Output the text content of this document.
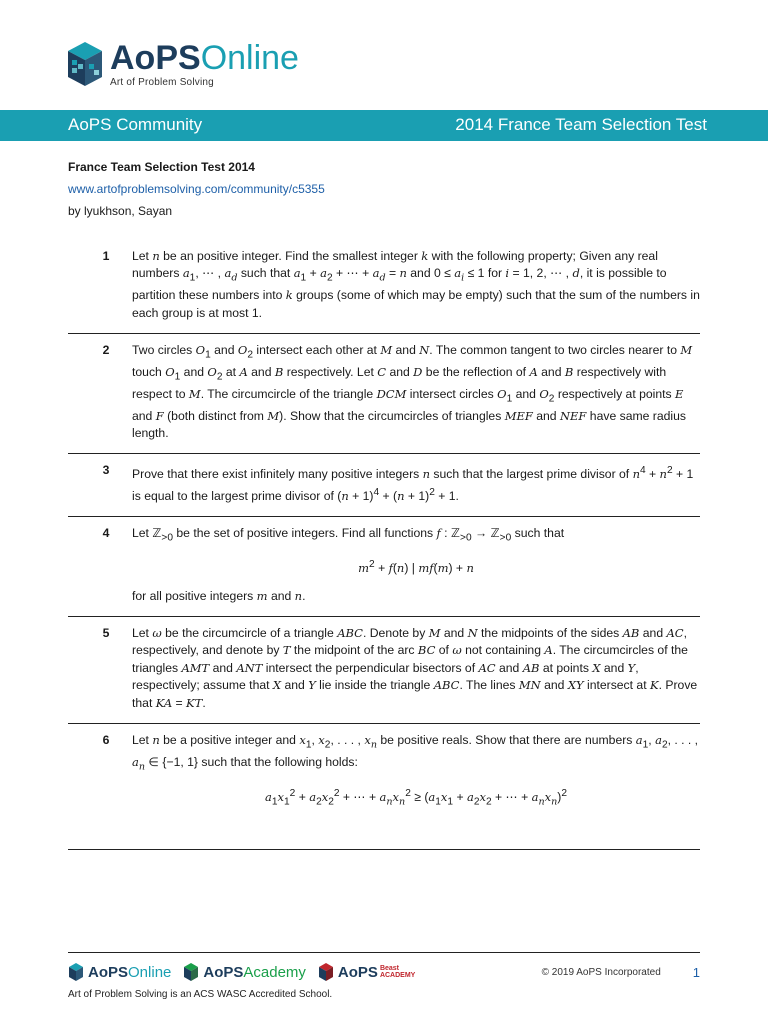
AoPSOnline
Art of Problem Solving
AoPS Community	2014 France Team Selection Test
France Team Selection Test 2014
www.artofproblemsolving.com/community/c5355
by lyukhson, Sayan
1	Let n be an positive integer. Find the smallest integer k with the following property; Given any real numbers $a_1$, ⋯ , $a_d$ such that $a_1 + a_2$ + ⋯ + $a_d = n$ and $0 \le a_i \le 1$ for i = 1, 2, ⋯ , d, it is possible to partition these numbers into k groups (some of which may be empty) such that the sum of the numbers in each group is at most 1.
2	Two circles $O_1$ and $O_2$ intersect each other at M and N. The common tangent to two circles nearer to M touch $O_1$ and $O_2$ at A and B respectively. Let C and D be the reflection of A and B respectively with respect to M. The circumcircle of the triangle DCM intersect circles $O_1$ and $O_2$ respectively at points E and F (both distinct from M). Show that the circumcircles of triangles MEF and NEF have same radius length.
3	Prove that there exist infinitely many positive integers n such that the largest prime divisor of $n^4 + n^2 + 1$ is equal to the largest prime divisor of $(n + 1)^4 + (n + 1)^2 + 1$.
4	Let ℤ$_{>0}$ be the set of positive integers. Find all functions f : ℤ$_{>0}$ → ℤ$_{>0}$ such that
$m^2 + f(n)$ | mf(m) + n
for all positive integers m and n.
5	Let ω be the circumcircle of a triangle ABC. Denote by M and N the midpoints of the sides AB and AC, respectively, and denote by T the midpoint of the arc BC of ω not containing A. The circumcircles of the triangles AMT and ANT intersect the perpendicular bisectors of AC and AB at points X and Y, respectively; assume that X and Y lie inside the triangle ABC. The lines MN and XY intersect at K. Prove that KA = KT.
6	Let n be a positive integer and $x_1$, $x_2$, . . . , $x_n$ be positive reals. Show that there are numbers $a_1$, $a_2$, . . . , $a_n$ ∈ {−1, 1} such that the following holds:
$a_1x_1^2 + a_2x_2^2$ + ⋯ + $a_nx_n^2 \ge (a_1x_1 + a_2x_2$ + ⋯ + $a_nx_n)^2$
AoPS Online AoPS Academy AoPS Beast
ACADEMY	© 2019 AoPS Incorporated 1
Art of Problem Solving is an ACS WASC Accredited School.
